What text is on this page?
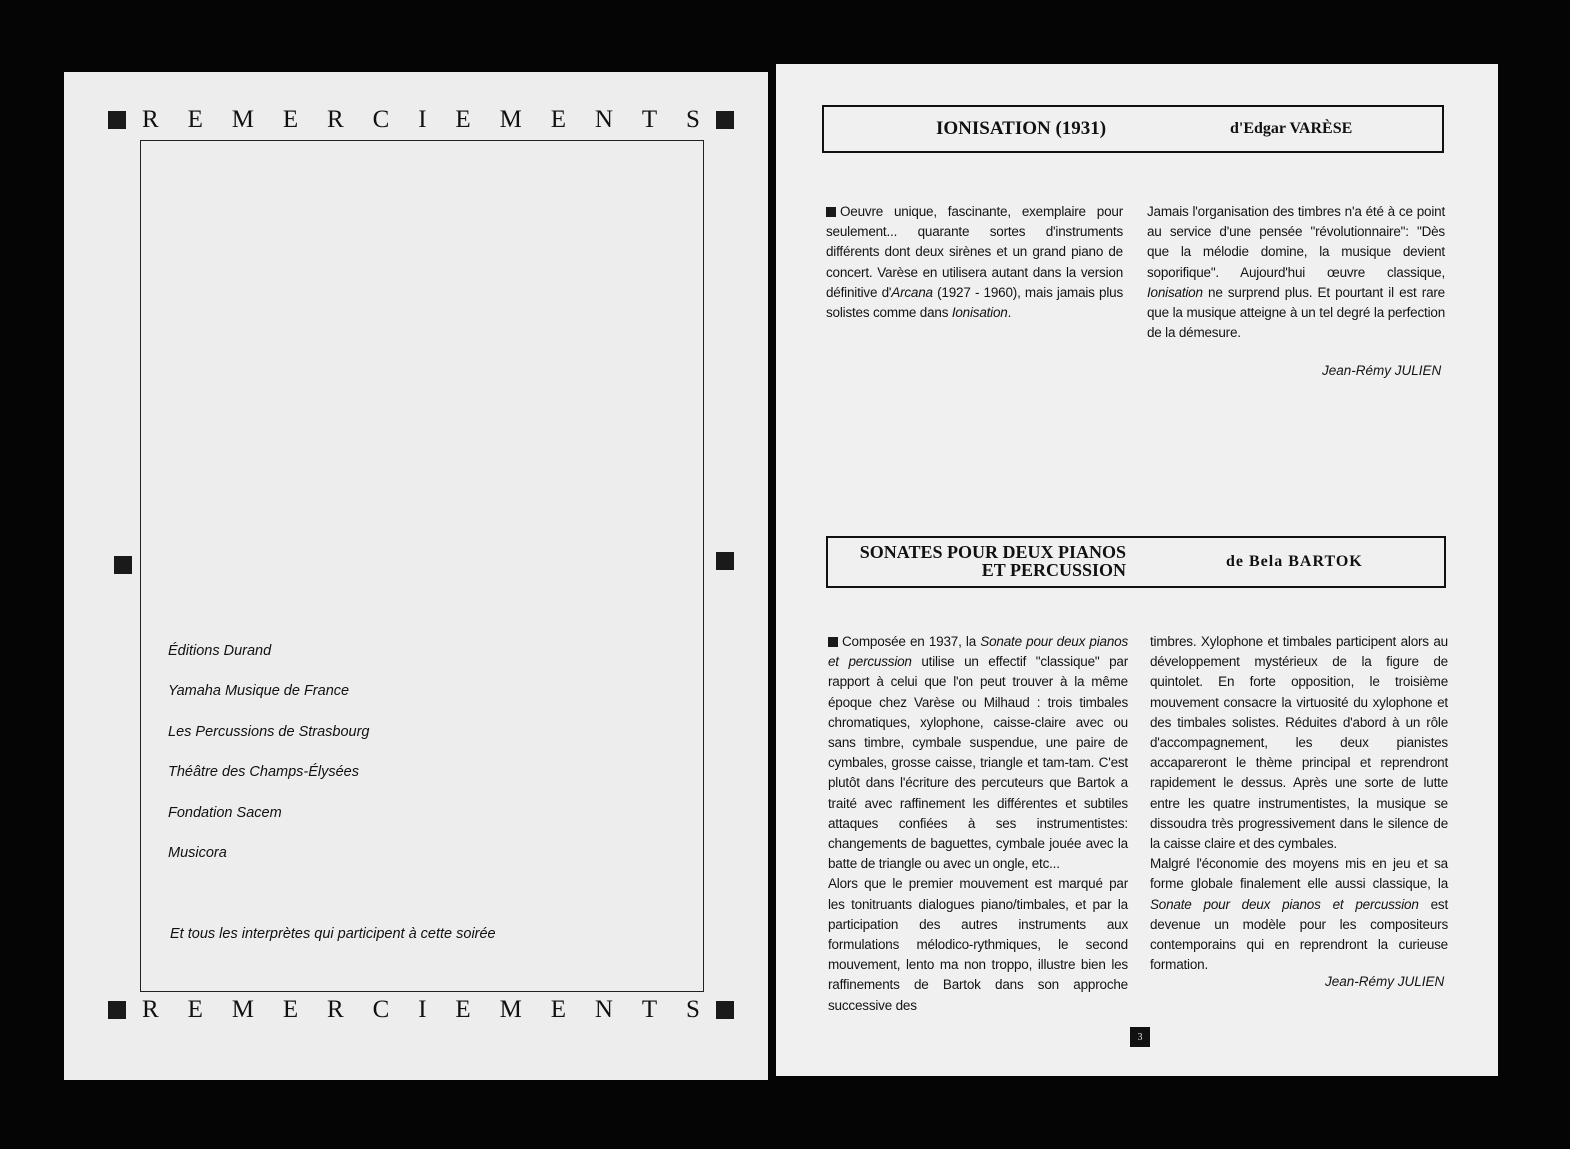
R E M E R C I E M E N T S
Éditions Durand
Yamaha Musique de France
Les Percussions de Strasbourg
Théâtre des Champs-Élysées
Fondation Sacem
Musicora
Et tous les interprètes qui participent à cette soirée
R E M E R C I E M E N T S
IONISATION (1931)	d'Edgar VARÈSE

Oeuvre unique, fascinante, exemplaire pour seulement... quarante sortes d'instruments différents dont deux sirènes et un grand piano de concert. Varèse en utilisera autant dans la version définitive d'Arcana (1927 - 1960), mais jamais plus solistes comme dans Ionisation.

Jamais l'organisation des timbres n'a été à ce point au service d'une pensée "révolutionnaire": "Dès que la mélodie domine, la musique devient soporifique". Aujourd'hui œuvre classique, Ionisation ne surprend plus. Et pourtant il est rare que la musique atteigne à un tel degré la perfection de la démesure.

Jean-Rémy JULIEN
SONATES POUR DEUX PIANOS
ET PERCUSSION	de Bela BARTOK

Composée en 1937, la Sonate pour deux pianos et percussion utilise un effectif "classique" par rapport à celui que l'on peut trouver à la même époque chez Varèse ou Milhaud : trois timbales chromatiques, xylophone, caisse-claire avec ou sans timbre, cymbale suspendue, une paire de cymbales, grosse caisse, triangle et tam-tam. C'est plutôt dans l'écriture des percuteurs que Bartok a traité avec raffinement les différentes et subtiles attaques confiées à ses instrumentistes: changements de baguettes, cymbale jouée avec la batte de triangle ou avec un ongle, etc...

Alors que le premier mouvement est marqué par les tonitruants dialogues piano/timbales, et par la participation des autres instruments aux formulations mélodico-rythmiques, le second mouvement, lento ma non troppo, illustre bien les raffinements de Bartok dans son approche successive des

timbres. Xylophone et timbales participent alors au développement mystérieux de la figure de quintolet. En forte opposition, le troisième mouvement consacre la virtuosité du xylophone et des timbales solistes. Réduites d'abord à un rôle d'accompagnement, les deux pianistes accapareront le thème principal et reprendront rapidement le dessus. Après une sorte de lutte entre les quatre instrumentistes, la musique se dissoudra très progressivement dans le silence de la caisse claire et des cymbales.

Malgré l'économie des moyens mis en jeu et sa forme globale finalement elle aussi classique, la Sonate pour deux pianos et percussion est devenue un modèle pour les compositeurs contemporains qui en reprendront la curieuse formation.

Jean-Rémy JULIEN
3
